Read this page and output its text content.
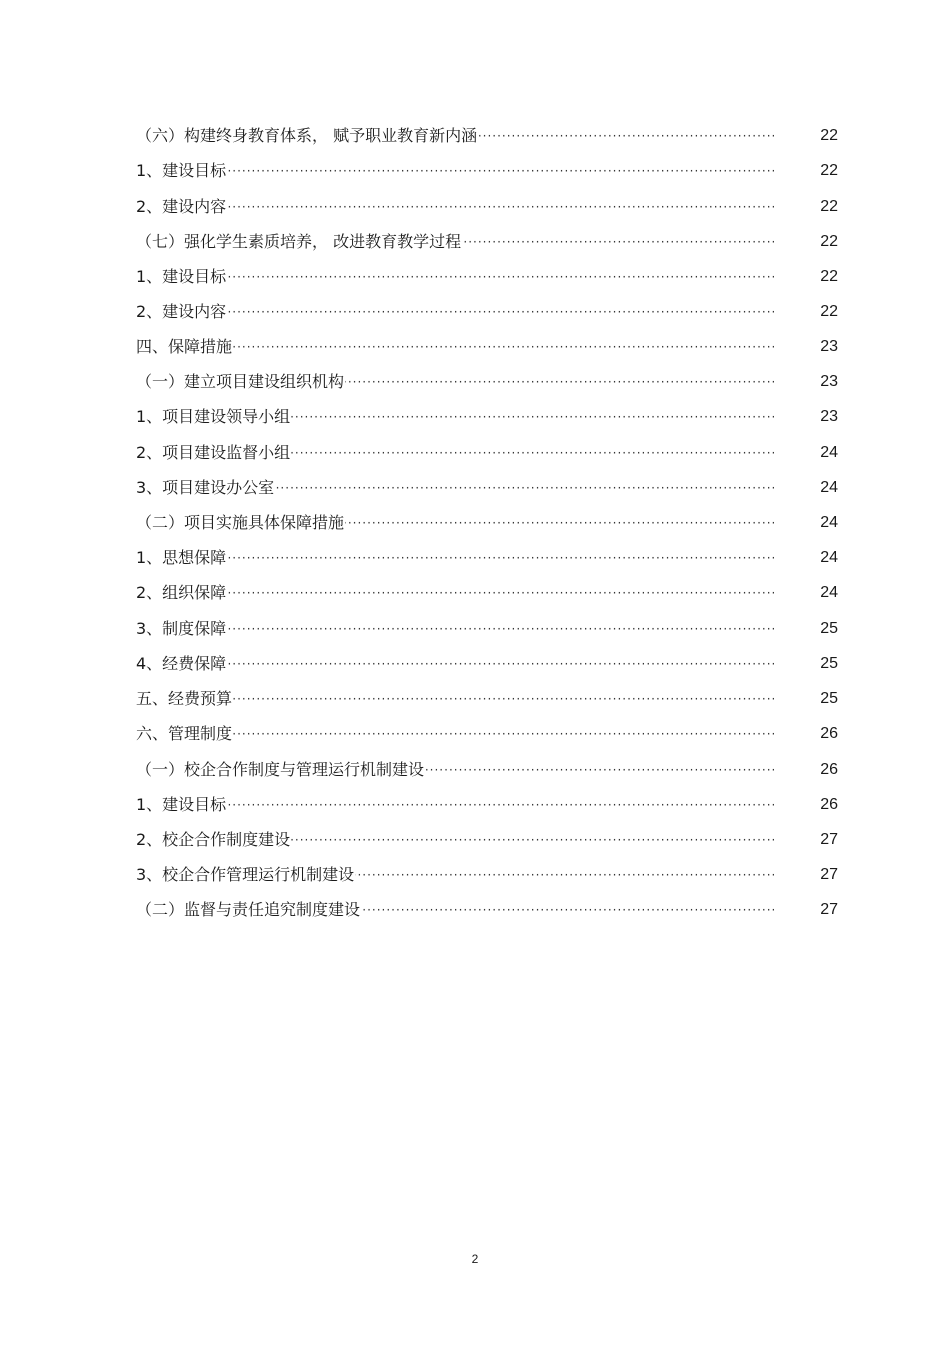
·····
（六）构建终身教育体系， 赋予职业教育新内涵	22
·····
1、建设目标	22
·····
2、建设内容	22
·····
（七）强化学生素质培养， 改进教育教学过程	22
·····
1、建设目标	22
·····
2、建设内容	22
·····
四、保障措施	23
·····
（一）建立项目建设组织机构	23
·····
1、项目建设领导小组	23
·····
2、项目建设监督小组	24
·····
3、项目建设办公室	24
·····
（二）项目实施具体保障措施	24
·····
1、思想保障	24
·····
2、组织保障	24
·····
3、制度保障	25
·····
4、经费保障	25
·····
五、经费预算	25
·····
六、管理制度	26
·····
（一）校企合作制度与管理运行机制建设	26
·····
1、建设目标	26
·····
2、校企合作制度建设	27
·····
3、校企合作管理运行机制建设	27
·····
（二）监督与责任追究制度建设	27
2
